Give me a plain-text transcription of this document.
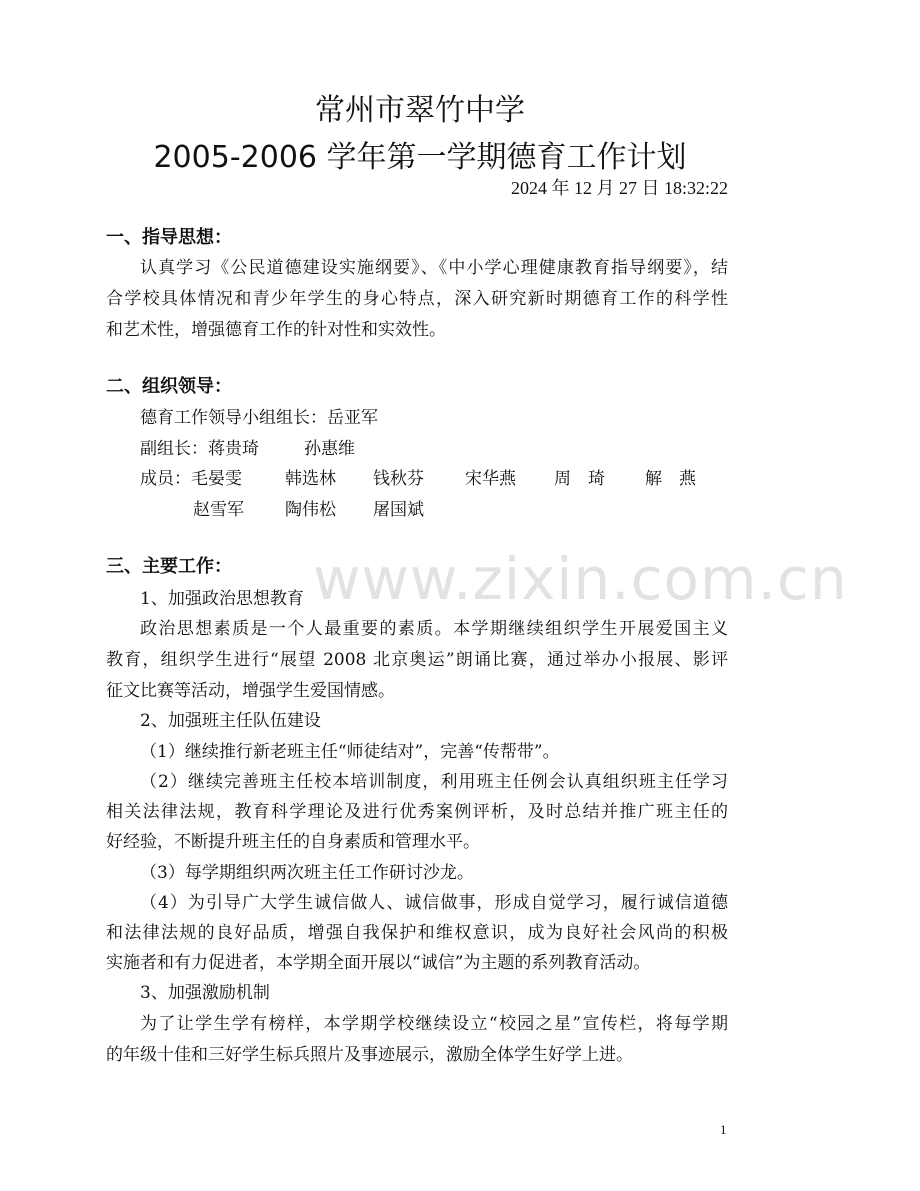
www.zixin.com.cn
常州市翠竹中学
2005-2006 学年第一学期德育工作计划
2024 年 12 月 27 日 18:32:22
一、指导思想：
认真学习《公民道德建设实施纲要》、《中小学心理健康教育指导纲要》，结
合学校具体情况和青少年学生的身心特点，深入研究新时期德育工作的科学性
和艺术性，增强德育工作的针对性和实效性。
二、组织领导：
德育工作领导小组组长：岳亚军
副组长：蒋贵琦	孙惠维
成员：毛晏雯	韩选林 钱秋芬 宋华燕 周　琦 解　燕
赵雪军 陶伟松 屠国斌
三、主要工作：
1、加强政治思想教育
政治思想素质是一个人最重要的素质。本学期继续组织学生开展爱国主义
教育，组织学生进行“展望 2008 北京奥运”朗诵比赛，通过举办小报展、影评
征文比赛等活动，增强学生爱国情感。
2、加强班主任队伍建设
（1）继续推行新老班主任“师徒结对”，完善“传帮带”。
（2）继续完善班主任校本培训制度，利用班主任例会认真组织班主任学习
相关法律法规，教育科学理论及进行优秀案例评析，及时总结并推广班主任的
好经验，不断提升班主任的自身素质和管理水平。
（3）每学期组织两次班主任工作研讨沙龙。
（4）为引导广大学生诚信做人、诚信做事，形成自觉学习，履行诚信道德
和法律法规的良好品质，增强自我保护和维权意识，成为良好社会风尚的积极
实施者和有力促进者，本学期全面开展以“诚信”为主题的系列教育活动。
3、加强激励机制
为了让学生学有榜样，本学期学校继续设立“校园之星”宣传栏，将每学期
的年级十佳和三好学生标兵照片及事迹展示，激励全体学生好学上进。
1
